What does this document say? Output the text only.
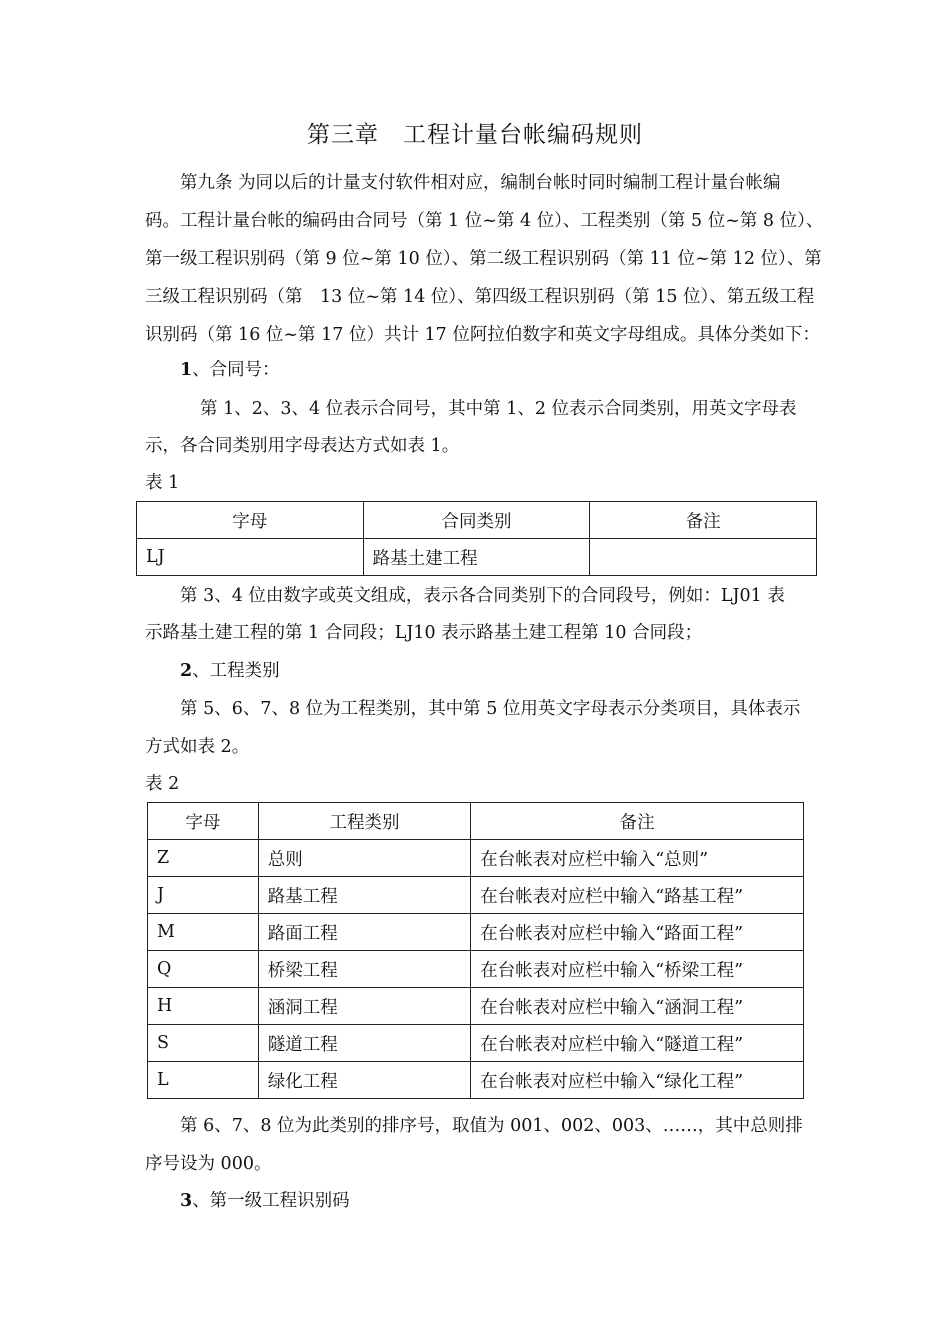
第三章　工程计量台帐编码规则
第九条 为同以后的计量支付软件相对应，编制台帐时同时编制工程计量台帐编
码。工程计量台帐的编码由合同号（第 1 位~第 4 位）、工程类别（第 5 位~第 8 位）、
第一级工程识别码（第 9 位~第 10 位）、第二级工程识别码（第 11 位~第 12 位）、第
三级工程识别码（第　13 位~第 14 位）、第四级工程识别码（第 15 位）、第五级工程
识别码（第 16 位~第 17 位）共计 17 位阿拉伯数字和英文字母组成。具体分类如下：
1、合同号：
第 1、2、3、4 位表示合同号，其中第 1、2 位表示合同类别，用英文字母表
示，各合同类别用字母表达方式如表 1。
表 1
字母	合同类别	备注
LJ	路基土建工程	
第 3、4 位由数字或英文组成，表示各合同类别下的合同段号，例如：LJ01 表
示路基土建工程的第 1 合同段；LJ10 表示路基土建工程第 10 合同段；
2、工程类别
第 5、6、7、8 位为工程类别，其中第 5 位用英文字母表示分类项目，具体表示
方式如表 2。
表 2
字母	工程类别	备注
Z	总则	在台帐表对应栏中输入“总则”
J	路基工程	在台帐表对应栏中输入“路基工程”
M	路面工程	在台帐表对应栏中输入“路面工程”
Q	桥梁工程	在台帐表对应栏中输入“桥梁工程”
H	涵洞工程	在台帐表对应栏中输入“涵洞工程”
S	隧道工程	在台帐表对应栏中输入“隧道工程”
L	绿化工程	在台帐表对应栏中输入“绿化工程”
第 6、7、8 位为此类别的排序号，取值为 001、002、003、……，其中总则排
序号设为 000。
3、第一级工程识别码
